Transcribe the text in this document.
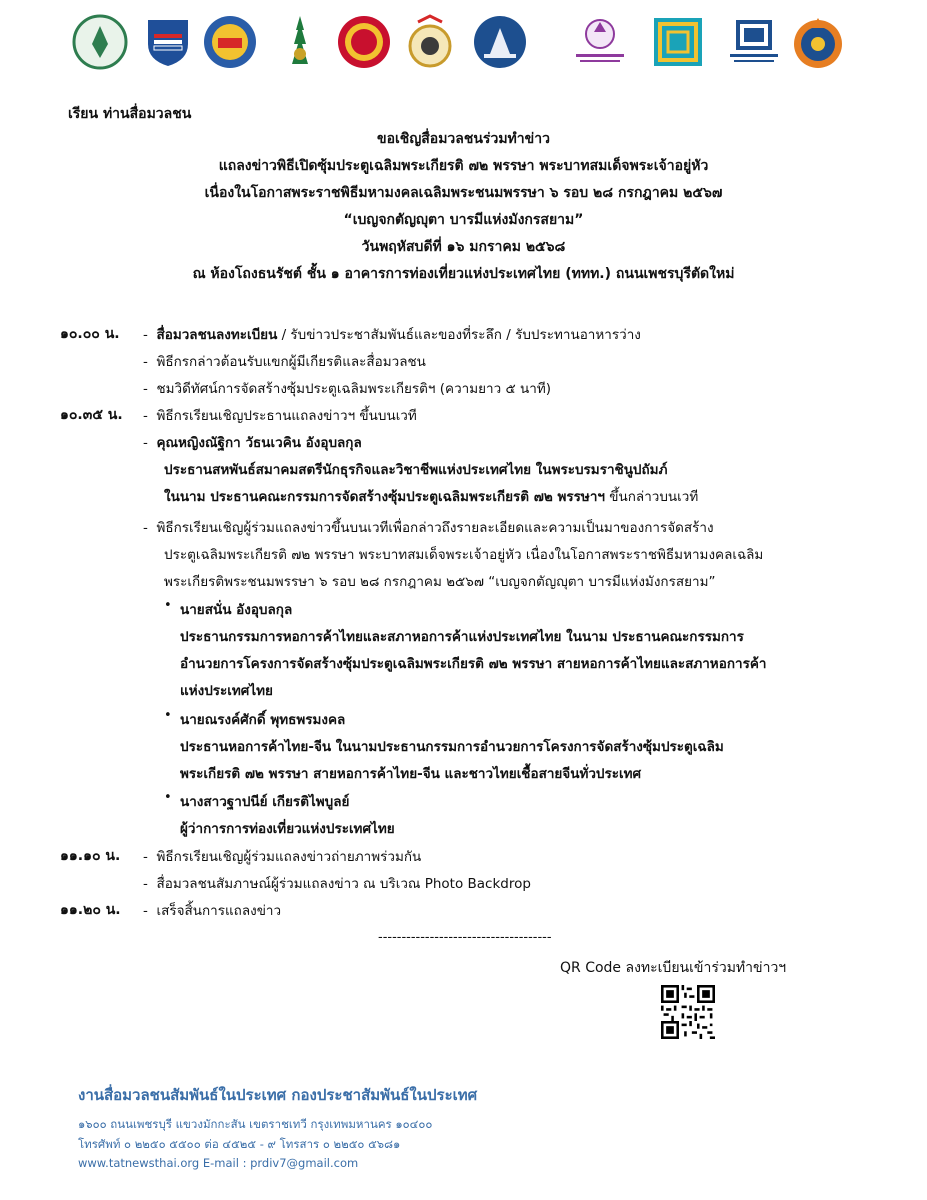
เรียน ท่านสื่อมวลชน
ขอเชิญสื่อมวลชนร่วมทำข่าว
แถลงข่าวพิธีเปิดซุ้มประตูเฉลิมพระเกียรติ ๗๒ พรรษา พระบาทสมเด็จพระเจ้าอยู่หัว
เนื่องในโอกาสพระราชพิธีมหามงคลเฉลิมพระชนมพรรษา ๖ รอบ ๒๘ กรกฎาคม ๒๕๖๗
“เบญจกตัญญุตา บารมีแห่งมังกรสยาม”
วันพฤหัสบดีที่ ๑๖ มกราคม ๒๕๖๘
ณ ห้องโถงธนรัชต์ ชั้น ๑ อาคารการท่องเที่ยวแห่งประเทศไทย (ททท.) ถนนเพชรบุรีตัดใหม่
๑๐.๐๐ น. - สื่อมวลชนลงทะเบียน / รับข่าวประชาสัมพันธ์และของที่ระลึก / รับประทานอาหารว่าง
- พิธีกรกล่าวต้อนรับแขกผู้มีเกียรติและสื่อมวลชน
- ชมวิดีทัศน์การจัดสร้างซุ้มประตูเฉลิมพระเกียรติฯ (ความยาว ๕ นาที)
๑๐.๓๕ น. - พิธีกรเรียนเชิญประธานแถลงข่าวฯ ขึ้นบนเวที
- คุณหญิงณัฐิกา วัธนเวคิน อังอุบลกุล
ประธานสหพันธ์สมาคมสตรีนักธุรกิจและวิชาชีพแห่งประเทศไทย ในพระบรมราชินูปถัมภ์
ในนาม ประธานคณะกรรมการจัดสร้างซุ้มประตูเฉลิมพระเกียรติ ๗๒ พรรษาฯ ขึ้นกล่าวบนเวที
- พิธีกรเรียนเชิญผู้ร่วมแถลงข่าวขึ้นบนเวทีเพื่อกล่าวถึงรายละเอียดและความเป็นมาของการจัดสร้าง
ประตูเฉลิมพระเกียรติ ๗๒ พรรษา พระบาทสมเด็จพระเจ้าอยู่หัว เนื่องในโอกาสพระราชพิธีมหามงคลเฉลิม
พระเกียรติพระชนมพรรษา ๖ รอบ ๒๘ กรกฎาคม ๒๕๖๗ “เบญจกตัญญุตา บารมีแห่งมังกรสยาม”
• นายสนั่น อังอุบลกุล
ประธานกรรมการหอการค้าไทยและสภาหอการค้าแห่งประเทศไทย ในนาม ประธานคณะกรรมการ
อำนวยการโครงการจัดสร้างซุ้มประตูเฉลิมพระเกียรติ ๗๒ พรรษา สายหอการค้าไทยและสภาหอการค้า
แห่งประเทศไทย
• นายณรงค์ศักดิ์ พุทธพรมงคล
ประธานหอการค้าไทย-จีน ในนามประธานกรรมการอำนวยการโครงการจัดสร้างซุ้มประตูเฉลิม
พระเกียรติ ๗๒ พรรษา สายหอการค้าไทย-จีน และชาวไทยเชื้อสายจีนทั่วประเทศ
• นางสาวฐาปนีย์ เกียรติไพบูลย์
ผู้ว่าการการท่องเที่ยวแห่งประเทศไทย
๑๑.๑๐ น. - พิธีกรเรียนเชิญผู้ร่วมแถลงข่าวถ่ายภาพร่วมกัน
- สื่อมวลชนสัมภาษณ์ผู้ร่วมแถลงข่าว ณ บริเวณ Photo Backdrop
๑๑.๒๐ น. - เสร็จสิ้นการแถลงข่าว
-------------------------------------
QR Code ลงทะเบียนเข้าร่วมทำข่าวฯ
งานสื่อมวลชนสัมพันธ์ในประเทศ กองประชาสัมพันธ์ในประเทศ
๑๖๐๐ ถนนเพชรบุรี แขวงมักกะสัน เขตราชเทวี กรุงเทพมหานคร ๑๐๔๐๐
โทรศัพท์ ๐ ๒๒๕๐ ๕๕๐๐ ต่อ ๔๕๒๕ - ๙ โทรสาร ๐ ๒๒๕๐ ๕๖๘๑
www.tatnewsthai.org E-mail : prdiv7@gmail.com
